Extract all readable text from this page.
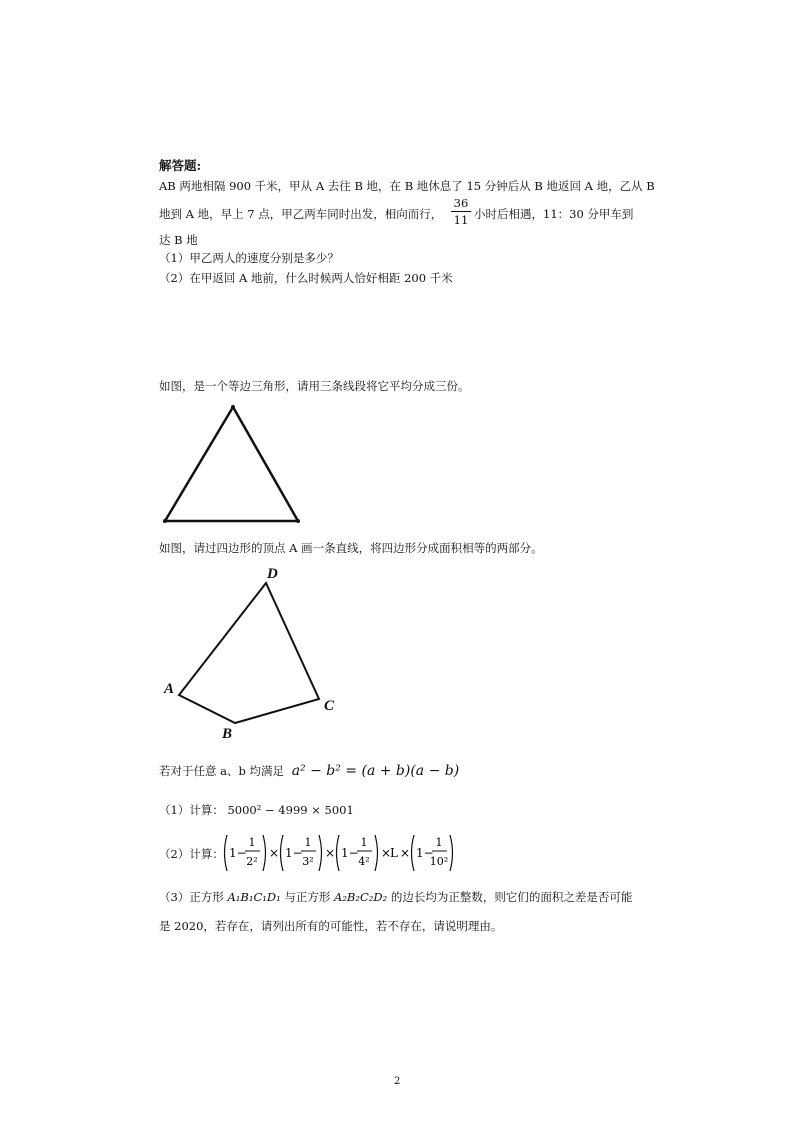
解答题:
AB 两地相隔 900 千米，甲从 A 去往 B 地，在 B 地休息了 15 分钟后从 B 地返回 A 地，乙从 B
地到 A 地，早上 7 点，甲乙两车同时出发，相向而行，
36
11 小时后相遇，11：30 分甲车到
达 B 地
（1）甲乙两人的速度分别是多少？
（2）在甲返回 A 地前，什么时候两人恰好相距 200 千米
如图，是一个等边三角形，请用三条线段将它平均分成三份。
如图，请过四边形的顶点 A 画一条直线，将四边形分成面积相等的两部分。
D
A
C
B
若对于任意 a、b 均满足 a² − b² = (a + b)(a − b)
（1）计算： 5000² − 4999 × 5001
（2）计算： 1−
1
2²
× 1−
1
3²
× 1−
1
4²
×
L × 1−
1
10²
（3）正方形 A₁B₁C₁D₁ 与正方形 A₂B₂C₂D₂ 的边长均为正整数，则它们的面积之差是否可能
是 2020，若存在，请列出所有的可能性，若不存在，请说明理由。
2
